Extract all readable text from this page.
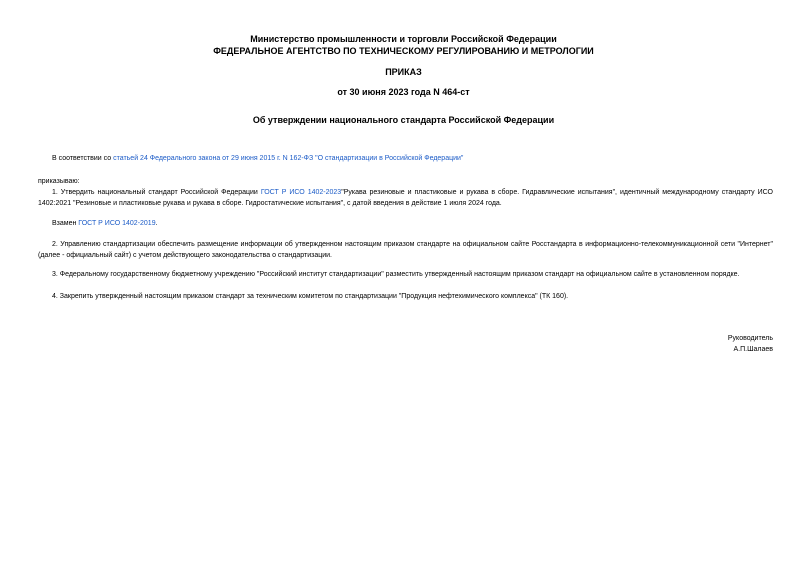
Министерство промышленности и торговли Российской Федерации
ФЕДЕРАЛЬНОЕ АГЕНТСТВО ПО ТЕХНИЧЕСКОМУ РЕГУЛИРОВАНИЮ И МЕТРОЛОГИИ
ПРИКАЗ
от 30 июня 2023 года N 464-ст
Об утверждении национального стандарта Российской Федерации
В соответствии со статьей 24 Федерального закона от 29 июня 2015 г. N 162-ФЗ "О стандартизации в Российской Федерации"
приказываю:
1. Утвердить национальный стандарт Российской Федерации ГОСТ Р ИСО 1402-2023"Рукава резиновые и пластиковые и рукава в сборе. Гидравлические испытания", идентичный международному стандарту ИСО 1402:2021 "Резиновые и пластиковые рукава и рукава в сборе. Гидростатические испытания", с датой введения в действие 1 июля 2024 года.
Взамен ГОСТ Р ИСО 1402-2019.
2. Управлению стандартизации обеспечить размещение информации об утвержденном настоящим приказом стандарте на официальном сайте Росстандарта в информационно-телекоммуникационной сети "Интернет" (далее - официальный сайт) с учетом действующего законодательства о стандартизации.
3. Федеральному государственному бюджетному учреждению "Российский институт стандартизации" разместить утвержденный настоящим приказом стандарт на официальном сайте в установленном порядке.
4. Закрепить утвержденный настоящим приказом стандарт за техническим комитетом по стандартизации "Продукция нефтехимического комплекса" (ТК 160).
Руководитель
А.П.Шалаев
